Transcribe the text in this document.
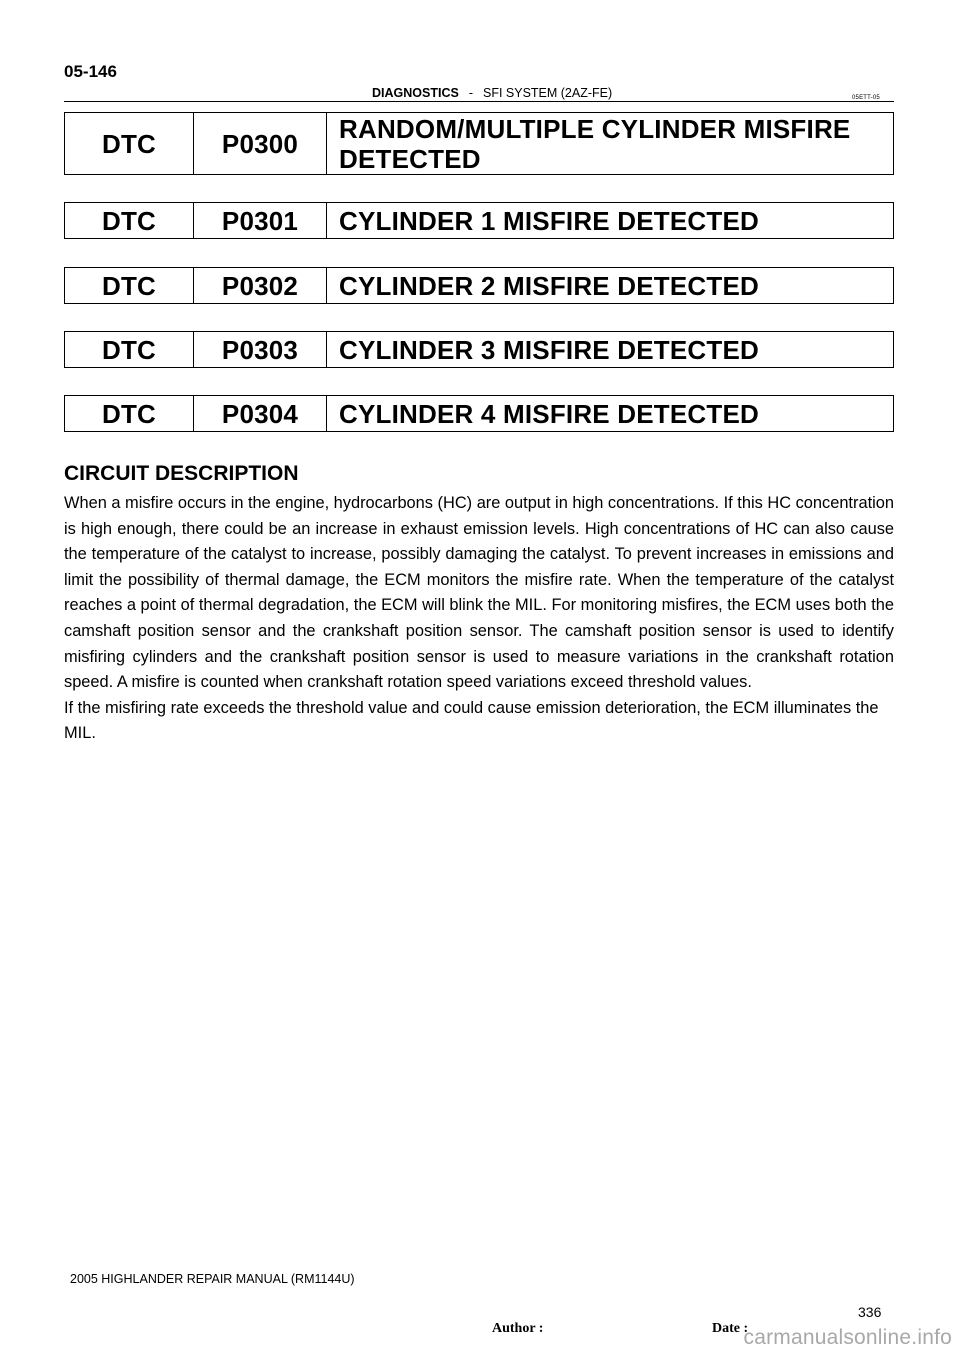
05-146
DIAGNOSTICS - SFI SYSTEM (2AZ-FE)	05ETT-05
DTC	P0300	RANDOM/MULTIPLE CYLINDER MISFIRE
DETECTED
DTC	P0301	CYLINDER 1 MISFIRE DETECTED
DTC	P0302	CYLINDER 2 MISFIRE DETECTED
DTC	P0303	CYLINDER 3 MISFIRE DETECTED
DTC	P0304	CYLINDER 4 MISFIRE DETECTED
CIRCUIT DESCRIPTION

When a misfire occurs in the engine, hydrocarbons (HC) are output in high concentrations. If this HC concentration is high enough, there could be an increase in exhaust emission levels. High concentrations of HC can also cause the temperature of the catalyst to increase, possibly damaging the catalyst. To prevent increases in emissions and limit the possibility of thermal damage, the ECM monitors the misfire rate. When the temperature of the catalyst reaches a point of thermal degradation, the ECM will blink the MIL. For monitoring misfires, the ECM uses both the camshaft position sensor and the crankshaft position sensor. The camshaft position sensor is used to identify misfiring cylinders and the crankshaft position sensor is used to measure variations in the crankshaft rotation speed. A misfire is counted when crankshaft rotation speed variations exceed threshold values.

If the misfiring rate exceeds the threshold value and could cause emission deterioration, the ECM illuminates the MIL.

2005 HIGHLANDER REPAIR MANUAL (RM1144U)
336
Author :	Date :
carmanualsonline.info
